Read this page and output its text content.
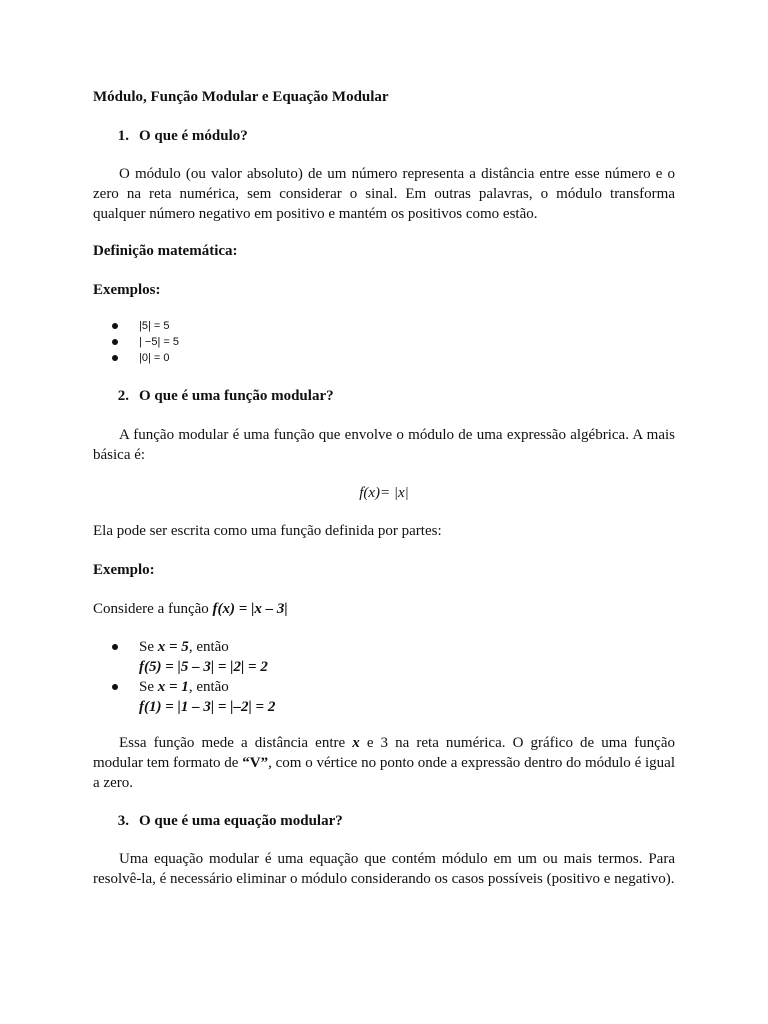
Módulo, Função Modular e Equação Modular
1. O que é módulo?
O módulo (ou valor absoluto) de um número representa a distância entre esse número e o zero na reta numérica, sem considerar o sinal. Em outras palavras, o módulo transforma qualquer número negativo em positivo e mantém os positivos como estão.
Definição matemática:
Exemplos:
|5| = 5
| −5| = 5
|0| = 0
2. O que é uma função modular?
A função modular é uma função que envolve o módulo de uma expressão algébrica. A mais básica é:
f(x)= |x|
Ela pode ser escrita como uma função definida por partes:
Exemplo:
Considere a função f(x) = |x – 3|
Se x = 5, então
f(5) = |5 – 3| = |2| = 2
Se x = 1, então
f(1) = |1 – 3| = |–2| = 2
Essa função mede a distância entre x e 3 na reta numérica. O gráfico de uma função modular tem formato de “V”, com o vértice no ponto onde a expressão dentro do módulo é igual a zero.
3. O que é uma equação modular?
Uma equação modular é uma equação que contém módulo em um ou mais termos. Para resolvê-la, é necessário eliminar o módulo considerando os casos possíveis (positivo e negativo).
